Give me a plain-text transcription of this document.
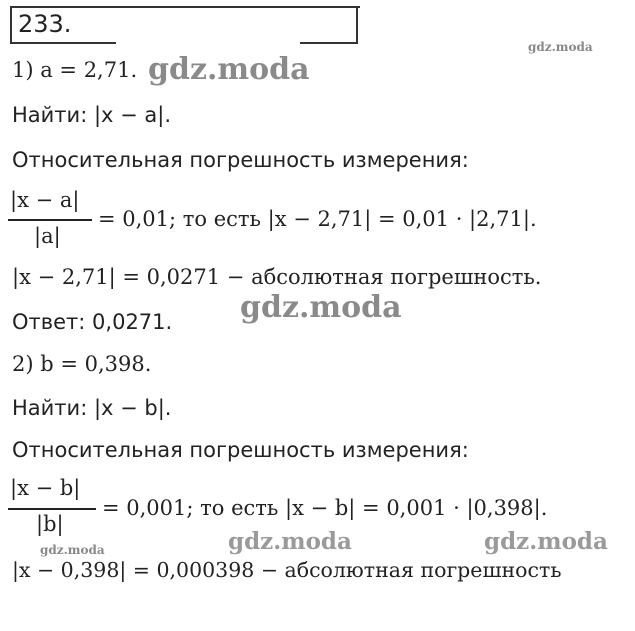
233.
1) a = 2,71.
Найти: |x − a|.
Относительная погрешность измерения:
|x − a|
|a|
= 0,01; то есть |x − 2,71| = 0,01 · |2,71|.
|x − 2,71| = 0,0271 − абсолютная погрешность.
Ответ: 0,0271.
2) b = 0,398.
Найти: |x − b|.
Относительная погрешность измерения:
|x − b|
|b|
= 0,001; то есть |x − b| = 0,001 · |0,398|.
|x − 0,398| = 0,000398 − абсолютная погрешность
gdz.moda
gdz.moda
gdz.moda
gdz.moda	gdz.moda	gdz.moda
